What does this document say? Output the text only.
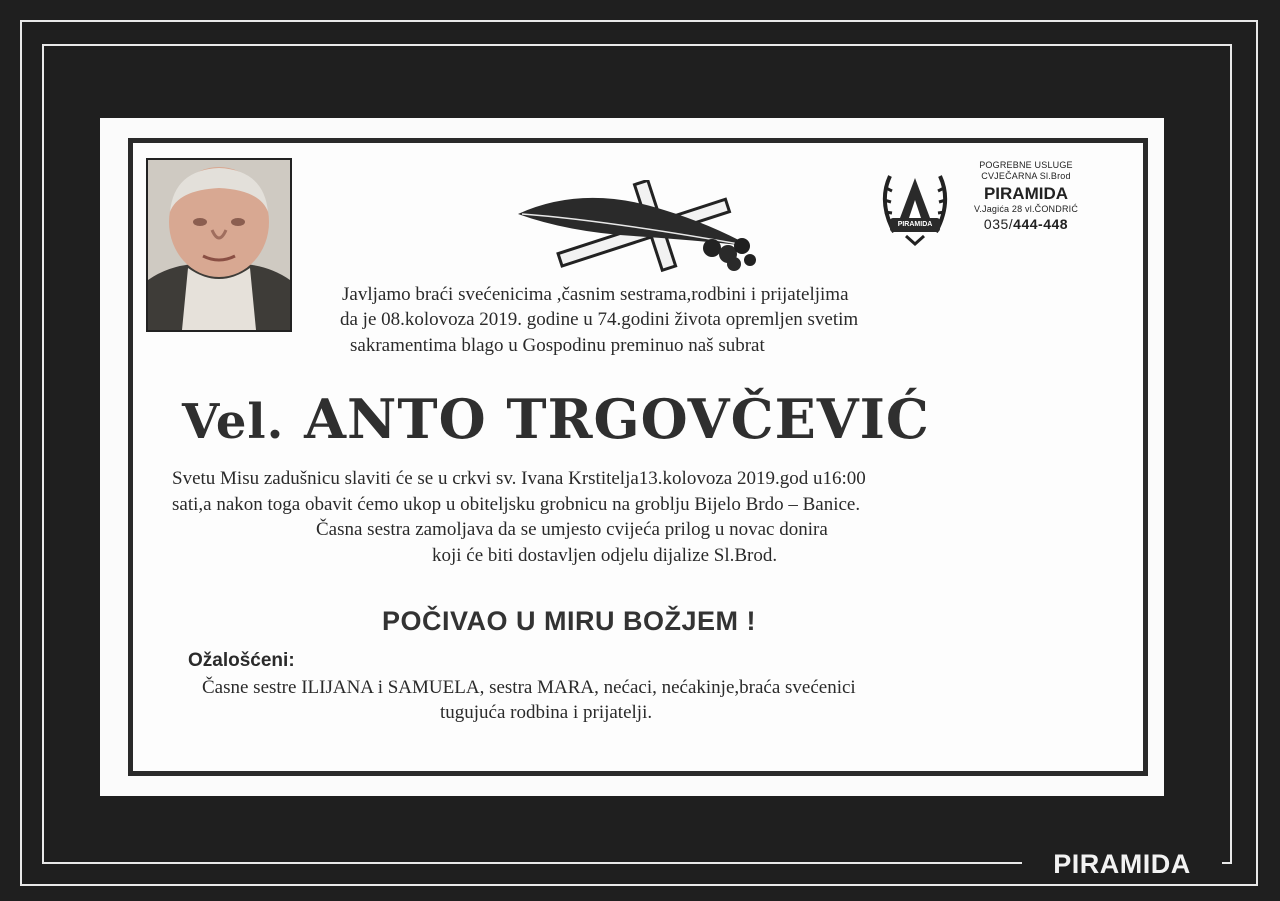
PIRAMIDA
PIRAMIDA
POGREBNE USLUGE
CVJEČARNA Sl.Brod
PIRAMIDA
V.Jagića 28 vl.ČONDRIĆ
035/444-448
Javljamo braći svećenicima ,časnim sestrama,rodbini i prijateljima
da je 08.kolovoza 2019. godine u 74.godini života opremljen svetim
sakramentima blago u Gospodinu preminuo naš subrat
Vel. ANTO TRGOVČEVIĆ
Svetu Misu zadušnicu slaviti će se u crkvi sv. Ivana Krstitelja13.kolovoza 2019.god u16:00
sati,a nakon toga obavit ćemo ukop u obiteljsku grobnicu na groblju Bijelo Brdo – Banice.
Časna sestra zamoljava da se umjesto cvijeća prilog u novac donira
koji će biti dostavljen odjelu dijalize Sl.Brod.
POČIVAO U MIRU BOŽJEM !
Ožalošćeni:
Časne sestre ILIJANA i SAMUELA, sestra MARA, nećaci, nećakinje,braća svećenici
tugujuća rodbina i prijatelji.
